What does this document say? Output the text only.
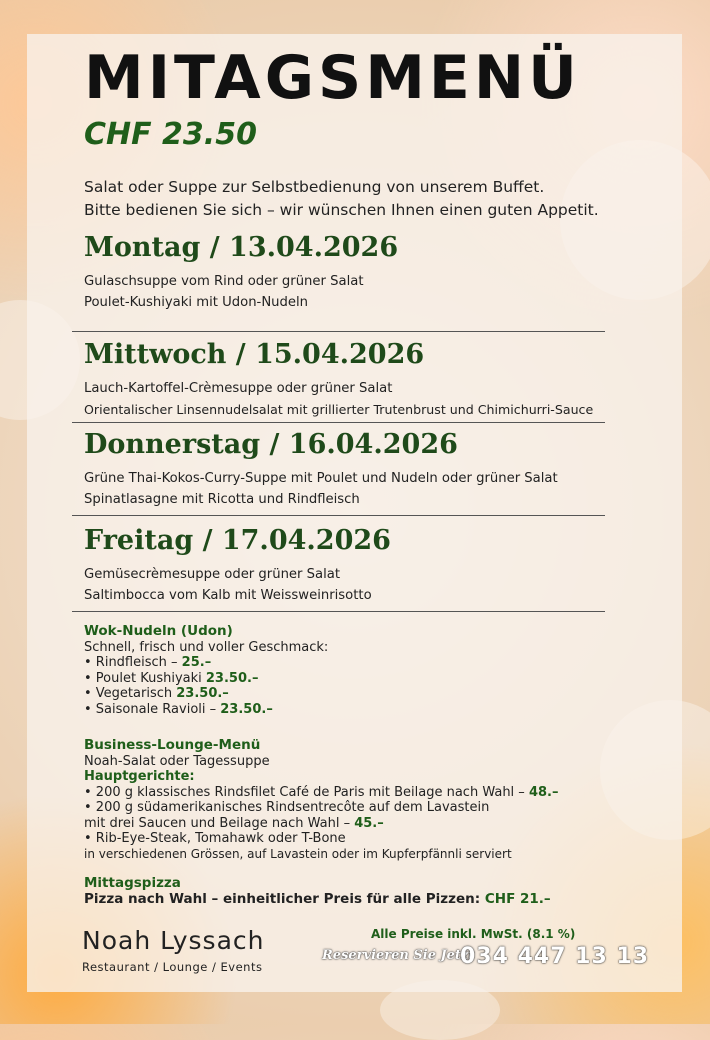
MITAGSMENÜ
CHF 23.50
Salat oder Suppe zur Selbstbedienung von unserem Buffet.
Bitte bedienen Sie sich – wir wünschen Ihnen einen guten Appetit.
Montag / 13.04.2026
Gulaschsuppe vom Rind oder grüner Salat
Poulet-Kushiyaki mit Udon-Nudeln
Mittwoch / 15.04.2026
Lauch-Kartoffel-Crèmesuppe oder grüner Salat
Orientalischer Linsennudelsalat mit grillierter Trutenbrust und Chimichurri-Sauce
Donnerstag / 16.04.2026
Grüne Thai-Kokos-Curry-Suppe mit Poulet und Nudeln oder grüner Salat
Spinatlasagne mit Ricotta und Rindfleisch
Freitag / 17.04.2026
Gemüsecrèmesuppe oder grüner Salat
Saltimbocca vom Kalb mit Weissweinrisotto
Wok-Nudeln (Udon)
Schnell, frisch und voller Geschmack:
• Rindfleisch – 25.–
• Poulet Kushiyaki 23.50.–
• Vegetarisch 23.50.–
• Saisonale Ravioli – 23.50.–
Business-Lounge-Menü
Noah-Salat oder Tagessuppe
Hauptgerichte:
• 200 g klassisches Rindsfilet Café de Paris mit Beilage nach Wahl – 48.–
• 200 g südamerikanisches Rindsentrecôte auf dem Lavastein
mit drei Saucen und Beilage nach Wahl – 45.–
• Rib-Eye-Steak, Tomahawk oder T-Bone
in verschiedenen Grössen, auf Lavastein oder im Kupferpfännli serviert
Mittagspizza
Pizza nach Wahl – einheitlicher Preis für alle Pizzen: CHF 21.–
Noah Lyssach
Restaurant / Lounge / Events
Alle Preise inkl. MwSt. (8.1 %)
Reservieren Sie Jetzt
034 447 13 13
